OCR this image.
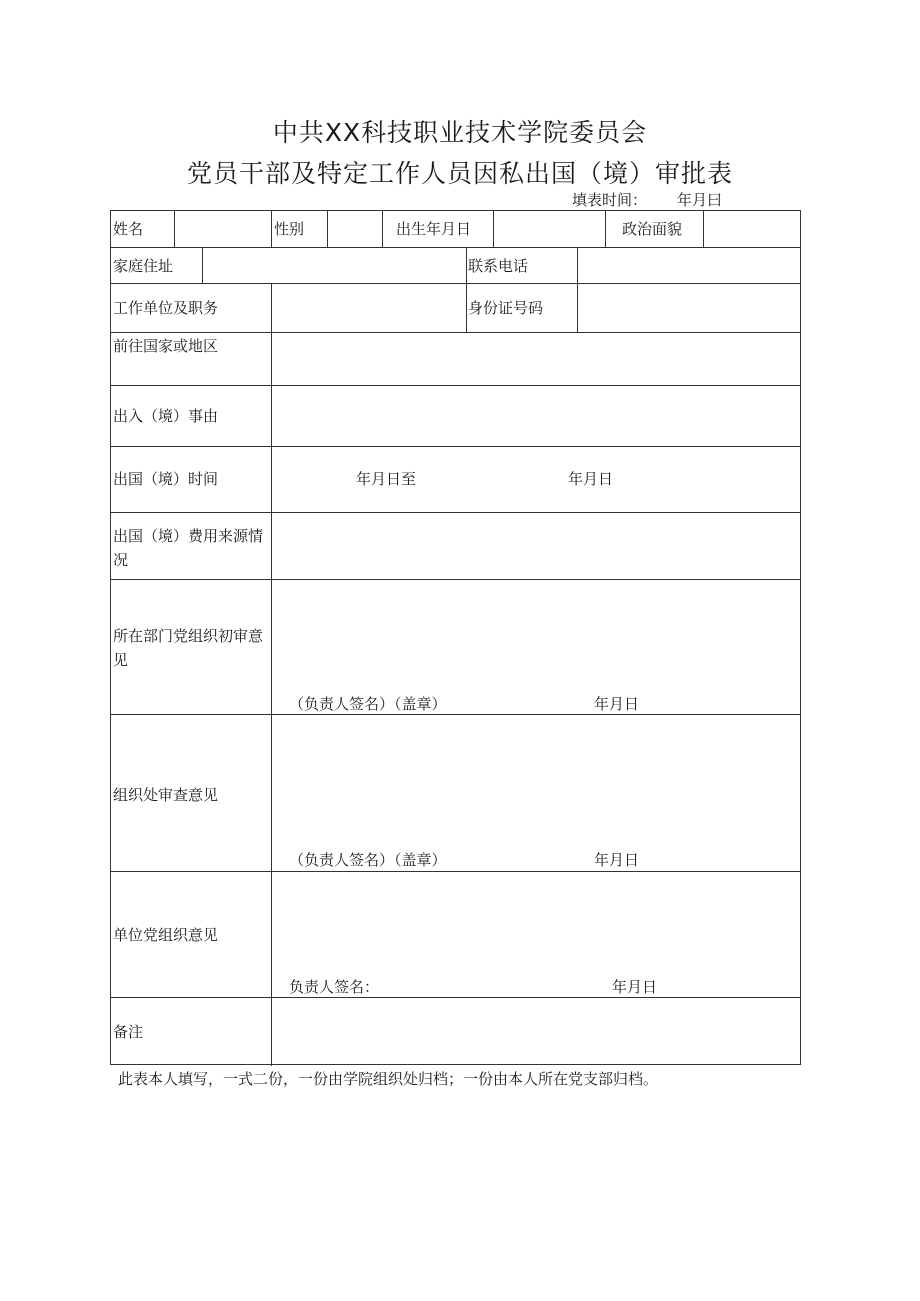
中共XX科技职业技术学院委员会
党员干部及特定工作人员因私出国（境）审批表
填表时间： 年月曰
姓名	性别	出生年月日	政治面貌
家庭住址	联系电话
工作单位及职务	身份证号码
前往国家或地区
出入（境）事由
出国（境）时间	年月日至	年月日
出国（境）费用来源情况
所在部门党组织初审意见
（负责人签名）（盖章）	年月日
组织处审查意见
（负责人签名）（盖章）	年月日
单位党组织意见
负责人签名：	年月日
备注
此表本人填写，一式二份，一份由学院组织处归档；一份由本人所在党支部归档。
